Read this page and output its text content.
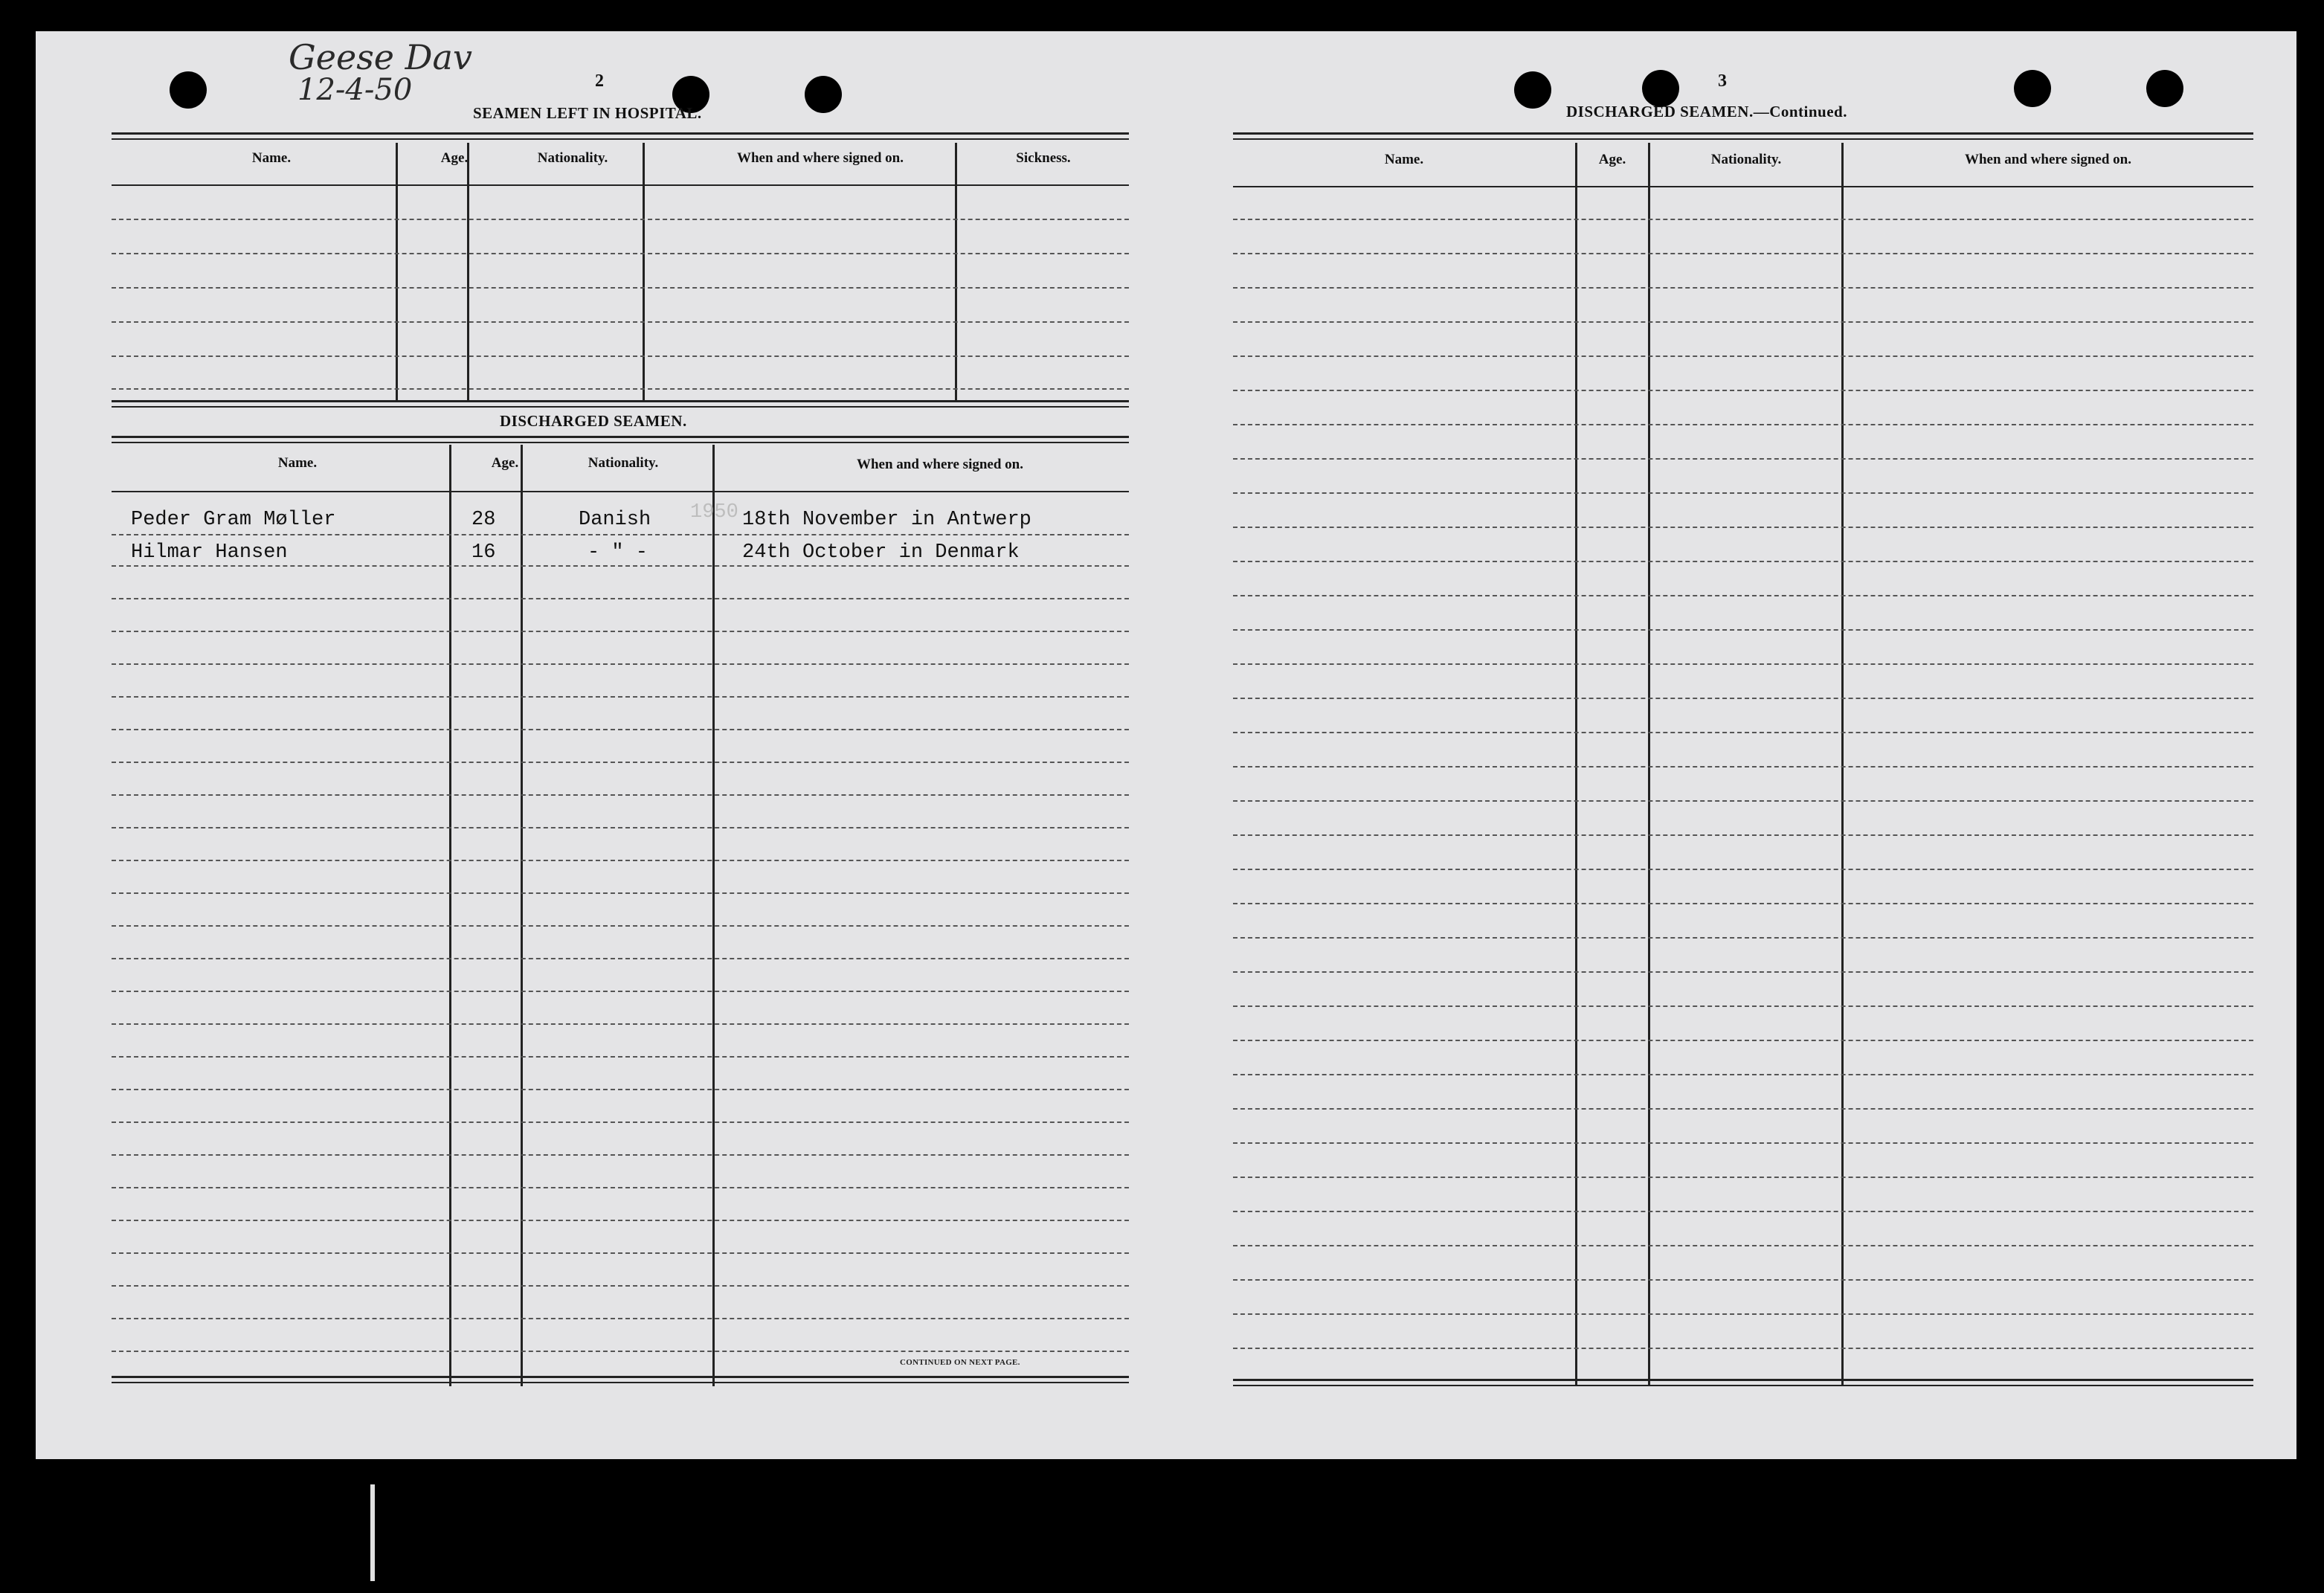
Geese Dav
12-4-50	2
SEAMEN LEFT IN HOSPITAL.
Name.	Age.	Nationality.	When and where signed on.	Sickness.
DISCHARGED SEAMEN.
Name.	Age.	Nationality.	When and where signed on.
Peder Gram Møller	28	Danish	18th November in Antwerp
Hilmar Hansen	16	- " -	24th October in Denmark
1950
CONTINUED ON NEXT PAGE.
3
DISCHARGED SEAMEN.—Continued.
Name.	Age.	Nationality.	When and where signed on.
